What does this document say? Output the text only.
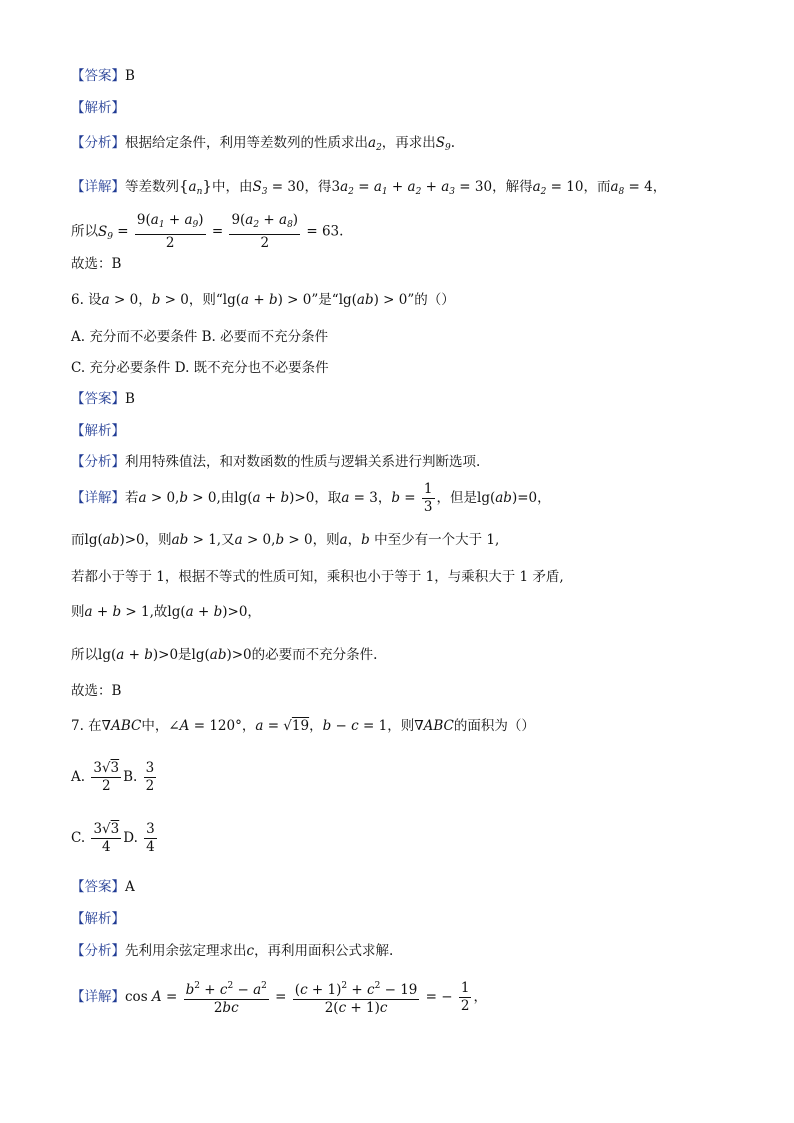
【答案】B
【解析】
【分析】根据给定条件，利用等差数列的性质求出$a_2$，再求出$S_9$.
【详解】等差数列$\{a_n\}$中，由$S_3 = 30$，得$3a_2 = a_1 + a_2 + a_3 = 30$，解得$a_2 = 10$，而$a_8 = 4$，
所以$S_9 = \frac{9(a_1 + a_9)}{2} = \frac{9(a_2 + a_8)}{2} = 63$.
故选：B
6. 设a > 0，b > 0，则“lg(a + b) > 0”是“lg(ab) > 0”的（）
A. 充分而不必要条件 B. 必要而不充分条件
C. 充分必要条件 D. 既不充分也不必要条件
【答案】B
【解析】
【分析】利用特殊值法，和对数函数的性质与逻辑关系进行判断选项.
【详解】若a > 0,b > 0,由lg(a + b)>0，取a = 3，$b = \frac{1}{3}$ ，但是lg(ab)=0，
而lg(ab)>0，则ab > 1,又a > 0,b > 0，则a，b 中至少有一个大于 1,
若都小于等于 1，根据不等式的性质可知，乘积也小于等于 1，与乘积大于 1 矛盾,
则a + b > 1,故lg(a + b)>0，
所以lg(a + b)>0是lg(ab)>0的必要而不充分条件.
故选：B
7. 在∇ABC中，∠A = 120°，a = √19，b − c = 1，则∇ABC的面积为（）
A. $\frac{3√3}{2} B$. $\frac{3}{2}$
C. $\frac{3√3}{4} D$. $\frac{3}{4}$
【答案】A
【解析】
【分析】先利用余弦定理求出c，再利用面积公式求解.
【详解】$\cos A = \frac{b^2 + c^2 - a^2}{2bc} = \frac{(c + 1)^2 + c^2 - 19}{2(c + 1)c}$ = − $\frac{1}{2}$ ，
